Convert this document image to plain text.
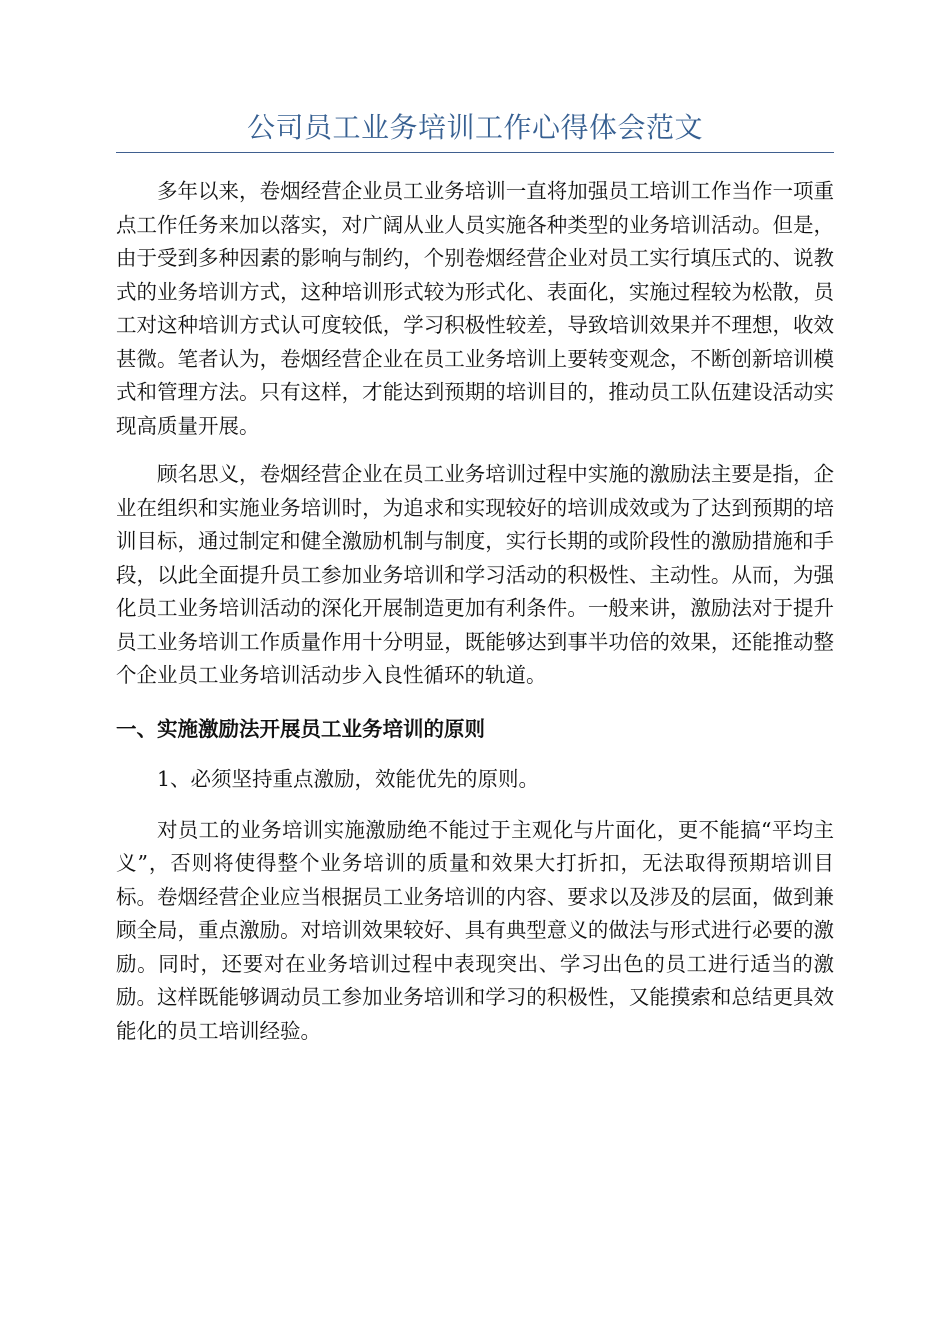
公司员工业务培训工作心得体会范文

多年以来，卷烟经营企业员工业务培训一直将加强员工培训工作当作一项重点工作任务来加以落实，对广阔从业人员实施各种类型的业务培训活动。但是，由于受到多种因素的影响与制约，个别卷烟经营企业对员工实行填压式的、说教式的业务培训方式，这种培训形式较为形式化、表面化，实施过程较为松散，员工对这种培训方式认可度较低，学习积极性较差，导致培训效果并不理想，收效甚微。笔者认为，卷烟经营企业在员工业务培训上要转变观念，不断创新培训模式和管理方法。只有这样，才能达到预期的培训目的，推动员工队伍建设活动实现高质量开展。

顾名思义，卷烟经营企业在员工业务培训过程中实施的激励法主要是指，企业在组织和实施业务培训时，为追求和实现较好的培训成效或为了达到预期的培训目标，通过制定和健全激励机制与制度，实行长期的或阶段性的激励措施和手段，以此全面提升员工参加业务培训和学习活动的积极性、主动性。从而，为强化员工业务培训活动的深化开展制造更加有利条件。一般来讲，激励法对于提升员工业务培训工作质量作用十分明显，既能够达到事半功倍的效果，还能推动整个企业员工业务培训活动步入良性循环的轨道。

一、实施激励法开展员工业务培训的原则

1、必须坚持重点激励，效能优先的原则。

对员工的业务培训实施激励绝不能过于主观化与片面化，更不能搞“平均主义”，否则将使得整个业务培训的质量和效果大打折扣，无法取得预期培训目标。卷烟经营企业应当根据员工业务培训的内容、要求以及涉及的层面，做到兼顾全局，重点激励。对培训效果较好、具有典型意义的做法与形式进行必要的激励。同时，还要对在业务培训过程中表现突出、学习出色的员工进行适当的激励。这样既能够调动员工参加业务培训和学习的积极性，又能摸索和总结更具效能化的员工培训经验。
